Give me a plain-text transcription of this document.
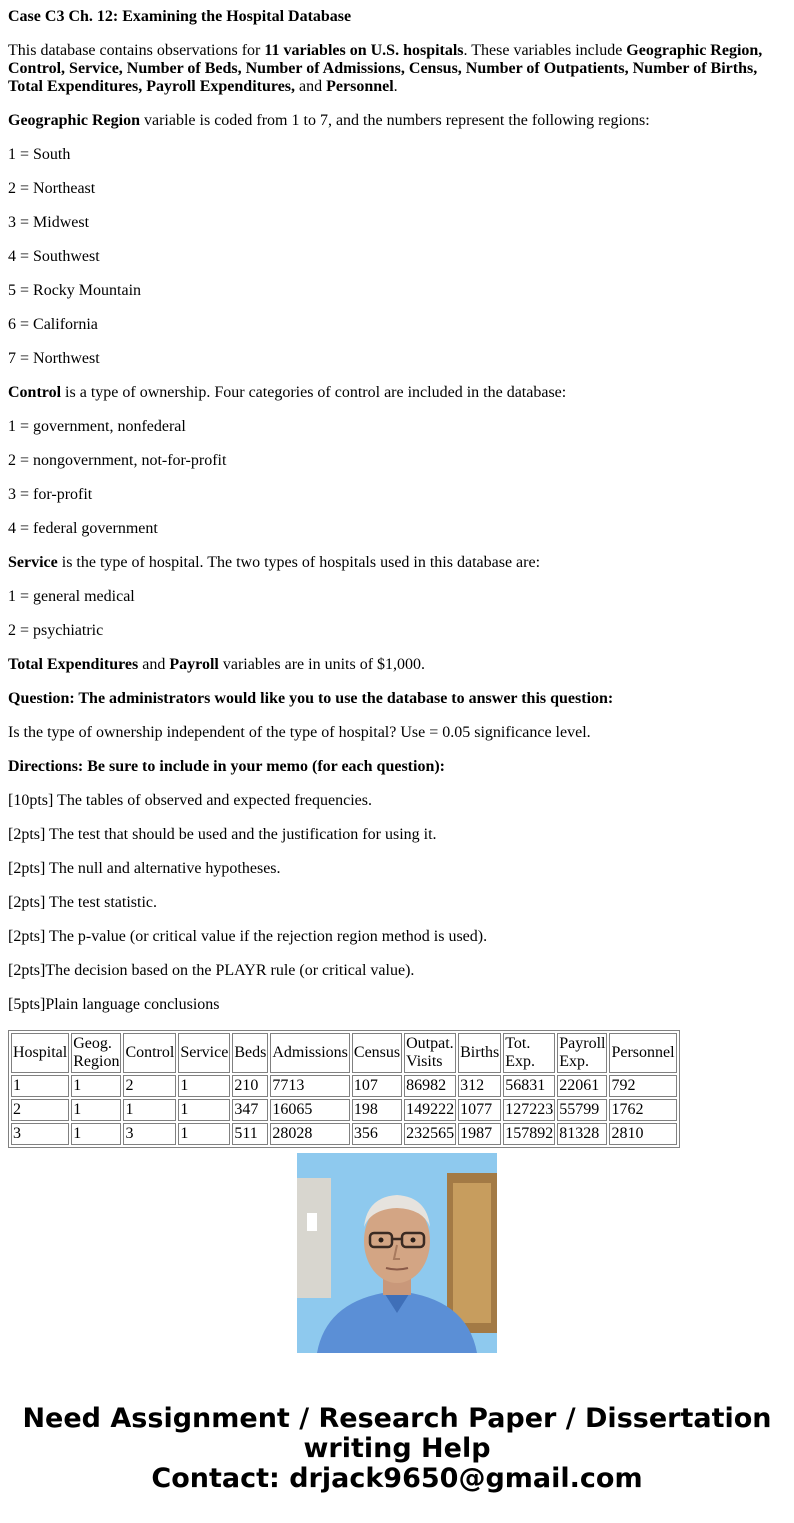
Case C3 Ch. 12: Examining the Hospital Database

This database contains observations for 11 variables on U.S. hospitals. These variables include Geographic Region, Control, Service, Number of Beds, Number of Admissions, Census, Number of Outpatients, Number of Births, Total Expenditures, Payroll Expenditures, and Personnel.

Geographic Region variable is coded from 1 to 7, and the numbers represent the following regions:

1 = South

2 = Northeast

3 = Midwest

4 = Southwest

5 = Rocky Mountain

6 = California

7 = Northwest

Control is a type of ownership. Four categories of control are included in the database:

1 = government, nonfederal

2 = nongovernment, not-for-profit

3 = for-profit

4 = federal government

Service is the type of hospital. The two types of hospitals used in this database are:

1 = general medical

2 = psychiatric

Total Expenditures and Payroll variables are in units of $1,000.

Question: The administrators would like you to use the database to answer this question:

Is the type of ownership independent of the type of hospital? Use = 0.05 significance level.

Directions: Be sure to include in your memo (for each question):

[10pts] The tables of observed and expected frequencies.

[2pts] The test that should be used and the justification for using it.

[2pts] The null and alternative hypotheses.

[2pts] The test statistic.

[2pts] The p-value (or critical value if the rejection region method is used).

[2pts]The decision based on the PLAYR rule (or critical value).

[5pts]Plain language conclusions

Hospital	Geog.
Region	Control	Service	Beds	Admissions	Census	Outpat.
Visits	Births	Tot.
Exp.	Payroll
Exp.	Personnel
1	1	2	1	210	7713	107	86982	312	56831	22061	792
2	1	1	1	347	16065	198	149222	1077	127223	55799	1762
3	1	3	1	511	28028	356	232565	1987	157892	81328	2810
Need Assignment / Research Paper / Dissertation
writing Help
Contact: drjack9650@gmail.com
